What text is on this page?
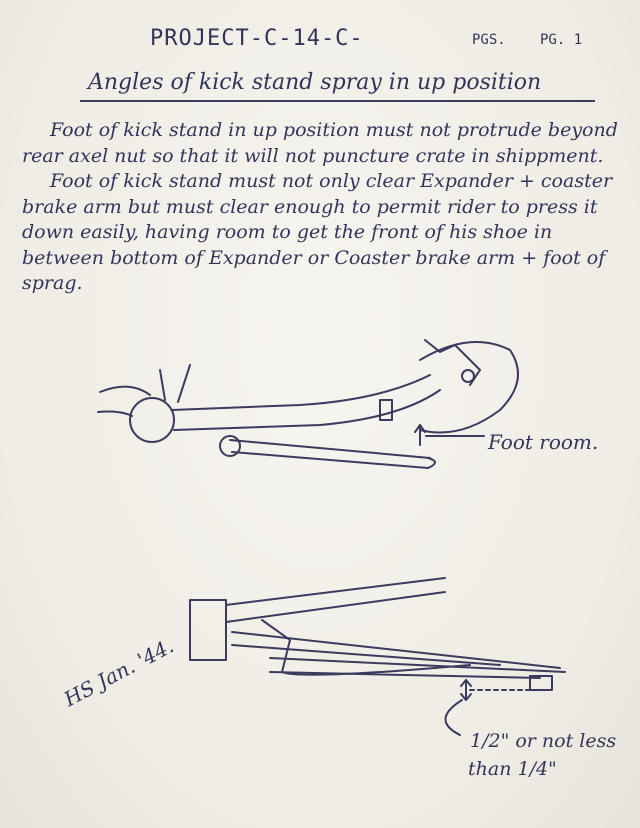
PROJECT-C-14-C-	PGS. PG. 1
Angles of kick stand spray in up position

Foot of kick stand in up position must not protrude beyond rear axel nut so that it will not puncture crate in shippment.

Foot of kick stand must not only clear Expander + coaster brake arm but must clear enough to permit rider to press it down easily, having room to get the front of his shoe in between bottom of Expander or Coaster brake arm + foot of sprag.

Foot room.
1/2" or not less
than 1/4"
HS Jan. '44.
